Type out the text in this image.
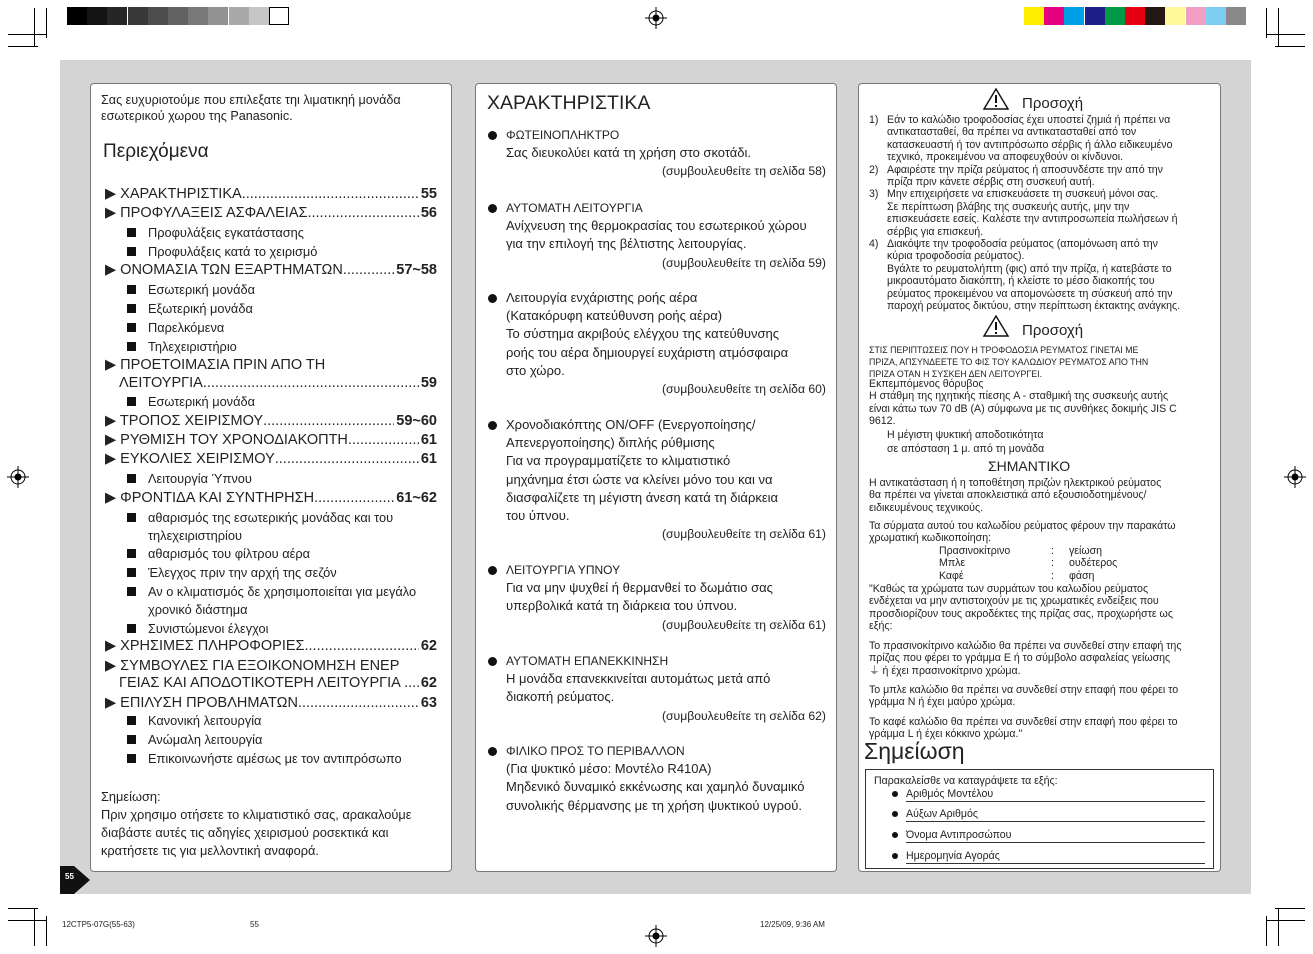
Σας ευχυριοτούμε που επιλεξατε τηι λιματικηή μονάδα εσωτερικού χωρου της Panasonic.
Περιεχόμενα
Σημείωση:
▶ ΧΑΡΑΚΤΗΡΙΣΤΙΚΑ .....	55
▶ ΠΡΟΦΥΛΑΞΕΙΣ ΑΣΦΑΛΕΙΑΣ .....	56
▶ ΟΝΟΜΑΣΙΑ ΤΩΝ ΕΞΑΡΤΗΜΑΤΩΝ .....	57~58
▶ ΠΡΟΕΤΟΙΜΑΣΙΑ ΠΡΙΝ ΑΠΟ ΤΗ
ΛΕΙΤΟΥΡΓΙΑ .....	59
▶ ΤΡΟΠΟΣ ΧΕΙΡΙΣΜΟΥ .....	59~60
▶ ΡΥΘΜΙΣΗ ΤΟΥ ΧΡΟΝΟΔΙΑΚΟΠΤΗ .....	61
▶ ΕΥΚΟΛΙΕΣ ΧΕΙΡΙΣΜΟΥ .....	61
▶ ΦΡΟΝΤΙΔΑ ΚΑΙ ΣΥΝΤΗΡΗΣΗ .....	61~62
▶ ΧΡΗΣΙΜΕΣ ΠΛΗΡΟΦΟΡΙΕΣ .....	62
▶ ΣΥΜΒΟΥΛΕΣ ΓΙΑ ΕΞΟΙΚΟΝΟΜΗΣΗ ΕΝΕΡ
ΓΕΙΑΣ ΚΑΙ ΑΠΟΔΟΤΙΚΟΤΕΡΗ ΛΕΙΤΟΥΡΓΙΑ .. ..... 62
▶ ΕΠΙΛΥΣΗ ΠΡΟΒΛΗΜΑΤΩΝ .....	63
Προφυλάξεις εγκατάστασης
Προφυλάξεις κατά το χειρισμό
Εσωτερική μονάδα
Εξωτερική μονάδα
Παρελκόμενα
Τηλεχειριστήριο
Εσωτερική μονάδα
Λειτουργία Ύπνου
αθαρισμός της εσωτερικής μονάδας και του
τηλεχειριστηρίου
αθαρισμός του φίλτρου αέρα
Έλεγχος πριν την αρχή της σεζόν
Αν ο κλιματισμός δε χρησιμοποιείται για μεγάλο
χρονικό διάστημα
Συνιστώμενοι έλεγχοι
Κανονική λειτουργία
Ανώμαλη λειτουργία
Επικοινωνήστε αμέσως με τον αντιπρόσωπο
Πριν χρησιμο οτήσετε το κλιματιστικό σας, αρακαλούμε
διαβάστε αυτές τις αδηγίες χειρισμού ροσεκτικά και
κρατήσετε τις για μελλοντική αναφορά.
ΧΑΡΑΚΤΗΡΙΣΤΙΚΑ
ΦΩΤΕΙΝΟΠΛΗΚΤΡΟ
Σας διευκολύει κατά τη χρήση στο σκοτάδι.
(συμβουλευθείτε τη σελίδα 58)
ΑΥΤΟΜΑΤΗ ΛΕΙΤΟΥΡΓΙΑ
Ανίχνευση της θερμοκρασίας του εσωτερικού χώρου
για την επιλογή της βέλτιστης λειτουργίας.
(συμβουλευθείτε τη σελίδα 59)
Λειτουργία ενχάριστης ροής αέρα
(Κατακόρυφη κατεύθυνση ροής αέρα)
Το σύστημα ακριβούς ελέγχου της κατεύθυνσης
ροής του αέρα δημιουργεί ευχάριστη ατμόσφαιρα
στο χώρο.
(συμβουλευθείτε τη σελίδα 60)
Χρονοδιακόπτης ON/OFF (Ενεργοποίησης/
Απενεργοποίησης) διπλής ρύθμισης
Για να προγραμματίζετε το κλιματιστικό
μηχάνημα έτσι ώστε να κλείνει μόνο του και να
διασφαλίζετε τη μέγιστη άνεση κατά τη διάρκεια
του ύπνου.
(συμβουλευθείτε τη σελίδα 61)
ΛΕΙΤΟΥΡΓΙΑ ΥΠΝΟΥ
Για να μην ψυχθεί ή θερμανθεί το δωμάτιο σας
υπερβολικά κατά τη διάρκεια του ύπνου.
(συμβουλευθείτε τη σελίδα 61)
ΑΥΤΟΜΑΤΗ ΕΠΑΝΕΚΚΙΝΗΣΗ
Η μονάδα επανεκκινείται αυτομάτως μετά από
διακοπή ρεύματος.
(συμβουλευθείτε τη σελίδα 62)
ΦΙΛΙΚΟ ΠΡΟΣ ΤΟ ΠΕΡΙΒΑΛΛΟΝ
(Για ψυκτικό μέσο: Μοντέλο R410A)
Μηδενικό δυναμικό εκκένωσης και χαμηλό δυναμικό
συνολικής θέρμανσης με τη χρήση ψυκτικού υγρού.
Προσοχή
Προσοχή
Σημείωση
Παρακαλείσθε να καταγράψετε τα εξής:
Αριθμός Μοντέλου
Αύξων Αριθμός
Όνομα Αντιπροσώπου
Ημερομηνία Αγοράς
1) Εάν το καλώδιο τροφοδοσίας έχει υποστεί ζημιά ή πρέπει να
αντικατασταθεί, θα πρέπει να αντικατασταθεί από τον
κατασκευαστή ή τον αντιπρόσωπο σέρβις ή άλλο ειδικευμένο
τεχνικό, προκειμένου να αποφευχθούν οι κίνδυνοι.
2) Αφαιρέστε την πρίζα ρεύματος ή αποσυνδέστε την από την
πρίζα πριν κάνετε σέρβις στη συσκευή αυτή.
3) Μην επιχειρήσετε να επισκευάσετε τη συσκευή μόνοι σας.
Σε περίπτωση βλάβης της συσκευής αυτής, μην την
επισκευάσετε εσείς. Καλέστε την αντιπροσωπεία πωλήσεων ή
σέρβις για επισκευή.
4) Διακόψτε την τροφοδοσία ρεύματος (απομόνωση από την
κύρια τροφοδοσία ρεύματος).
Βγάλτε το ρευματολήπτη (φις) από την πρίζα, ή κατεβάστε το
μικροαυτόματο διακόπτη, ή κλείστε το μέσο διακοπής του
ρεύματος προκειμένου να απομονώσετε τη σύσκευή από την
παροχή ρεύματος δικτύου, στην περίπτωση έκτακτης ανάγκης.
ΣΤΙΣ ΠΕΡΙΠΤΩΣΕΙΣ ΠΟΥ Η ΤΡΟΦΟΔΟΣΙΑ ΡΕΥΜΑΤΟΣ ΓΙΝΕΤΑΙ ΜΕ
ΠΡΙΖΑ, ΑΠΣΥΝΔΕΕΤΕ ΤΟ ΦΙΣ ΤΟΥ ΚΑΛΩΔΙΟΥ ΡΕΥΜΑΤΟΣ ΑΠΟ ΤΗΝ
ΠΡΙΖΑ ΟΤΑΝ Η ΣΥΣΚΕΗ ΔΕΝ ΛΕΙΤΟΥΡΓΕΙ.
Εκπεμπόμενος θόρυβος
Η στάθμη της ηχητικής πίεσης A - σταθμική της συσκευής αυτής
είναι κάτω των 70 dB (A) σύμφωνα με τις συνθήκες δοκιμής JIS C
9612.
Η μέγιστη ψυκτική αποδοτικότητα
σε απόσταση 1 μ. από τη μονάδα
ΣΗΜΑΝΤΙΚΟ
Η αντικατάσταση ή η τοποθέτηση πριζών ηλεκτρικού ρεύματος
θα πρέπει να γίνεται αποκλειστικά από εξουσιοδοτημένους/
ειδικευμένους τεχνικούς.
Τα σύρματα αυτού του καλωδίου ρεύματος φέρουν την παρακάτω
χρωματική κωδικοποίηση:
Πρασινοκίτρινο	: γείωση
Μπλε	: ουδέτερος
Καφέ	: φάση
"Καθώς τα χρώματα των συρμάτων του καλωδίου ρεύματος
ενδέχεται να μην αντιστοιχούν με τις χρωματικές ενδείξεις που
προσδιορίζουν τους ακροδέκτες της πρίζας σας, προχωρήστε ως
εξής:
Το πρασινοκίτρινο καλώδιο θα πρέπει να συνδεθεί στην επαφή της
πρίζας που φέρει το γράμμα E ή το σύμβολο ασφαλείας γείωσης
⏚ ή έχει πρασινοκίτρινο χρώμα.
Το μπλε καλώδιο θα πρέπει να συνδεθεί στην επαφή που φέρει το
γράμμα N ή έχει μαύρο χρώμα.
Το καφέ καλώδιο θα πρέπει να συνδεθεί στην επαφή που φέρει το
γράμμα L ή έχει κόκκινο χρώμα."
55
12CTP5-07G(55-63)	55	12/25/09, 9:36 AM
